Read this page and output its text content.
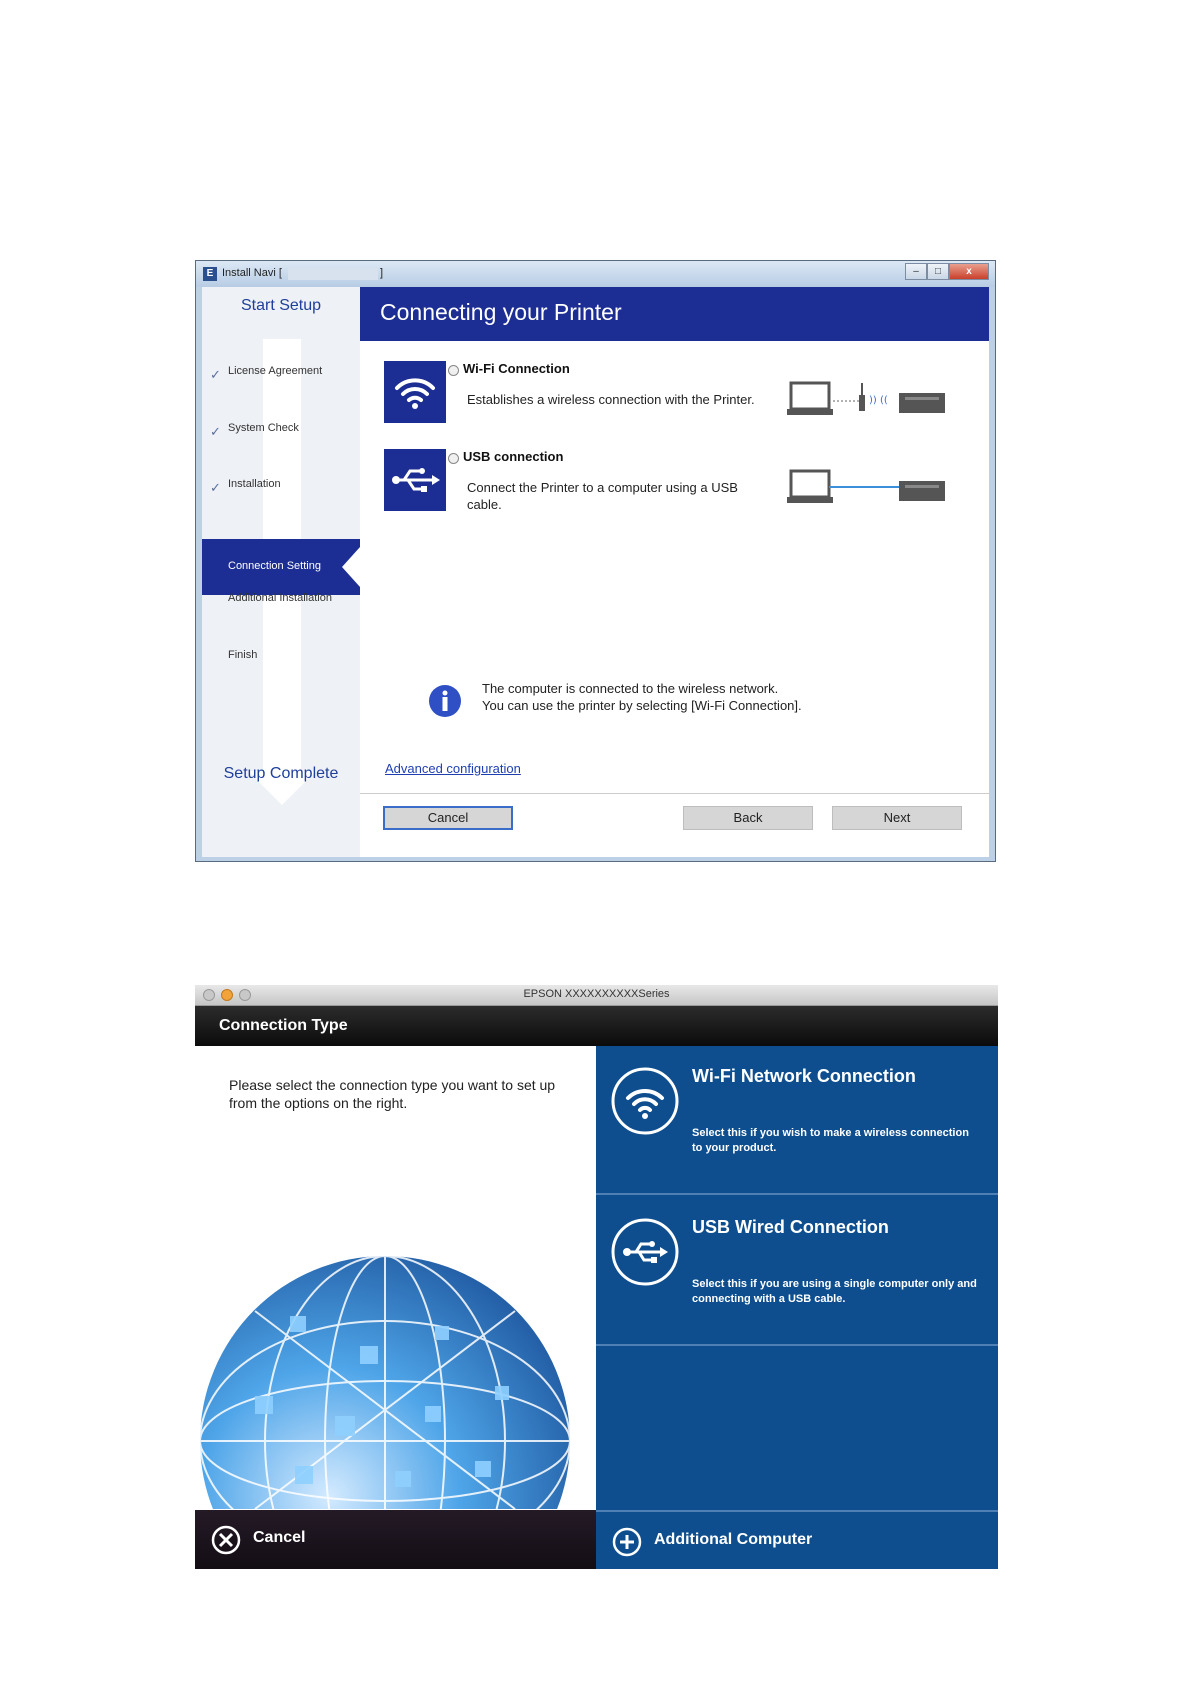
E Install Navi [	]	–	□	x
Start Setup
✓ License Agreement
✓ System Check
✓ Installation
Connection Setting
Additional Installation
Finish
Setup Complete
Connecting your Printer
Wi-Fi Connection
Establishes a wireless connection with the Printer.	)) ((
USB connection
Connect the Printer to a computer using a USB cable.
The computer is connected to the wireless network.
You can use the printer by selecting [Wi-Fi Connection].
Advanced configuration
Cancel	Back	Next
EPSON XXXXXXXXXXSeries
Connection Type
Please select the connection type you want to set up from the options on the right.
Wi-Fi Network Connection
Select this if you wish to make a wireless connection to your product.
USB Wired Connection
Select this if you are using a single computer only and connecting with a USB cable.
Cancel	Additional Computer
